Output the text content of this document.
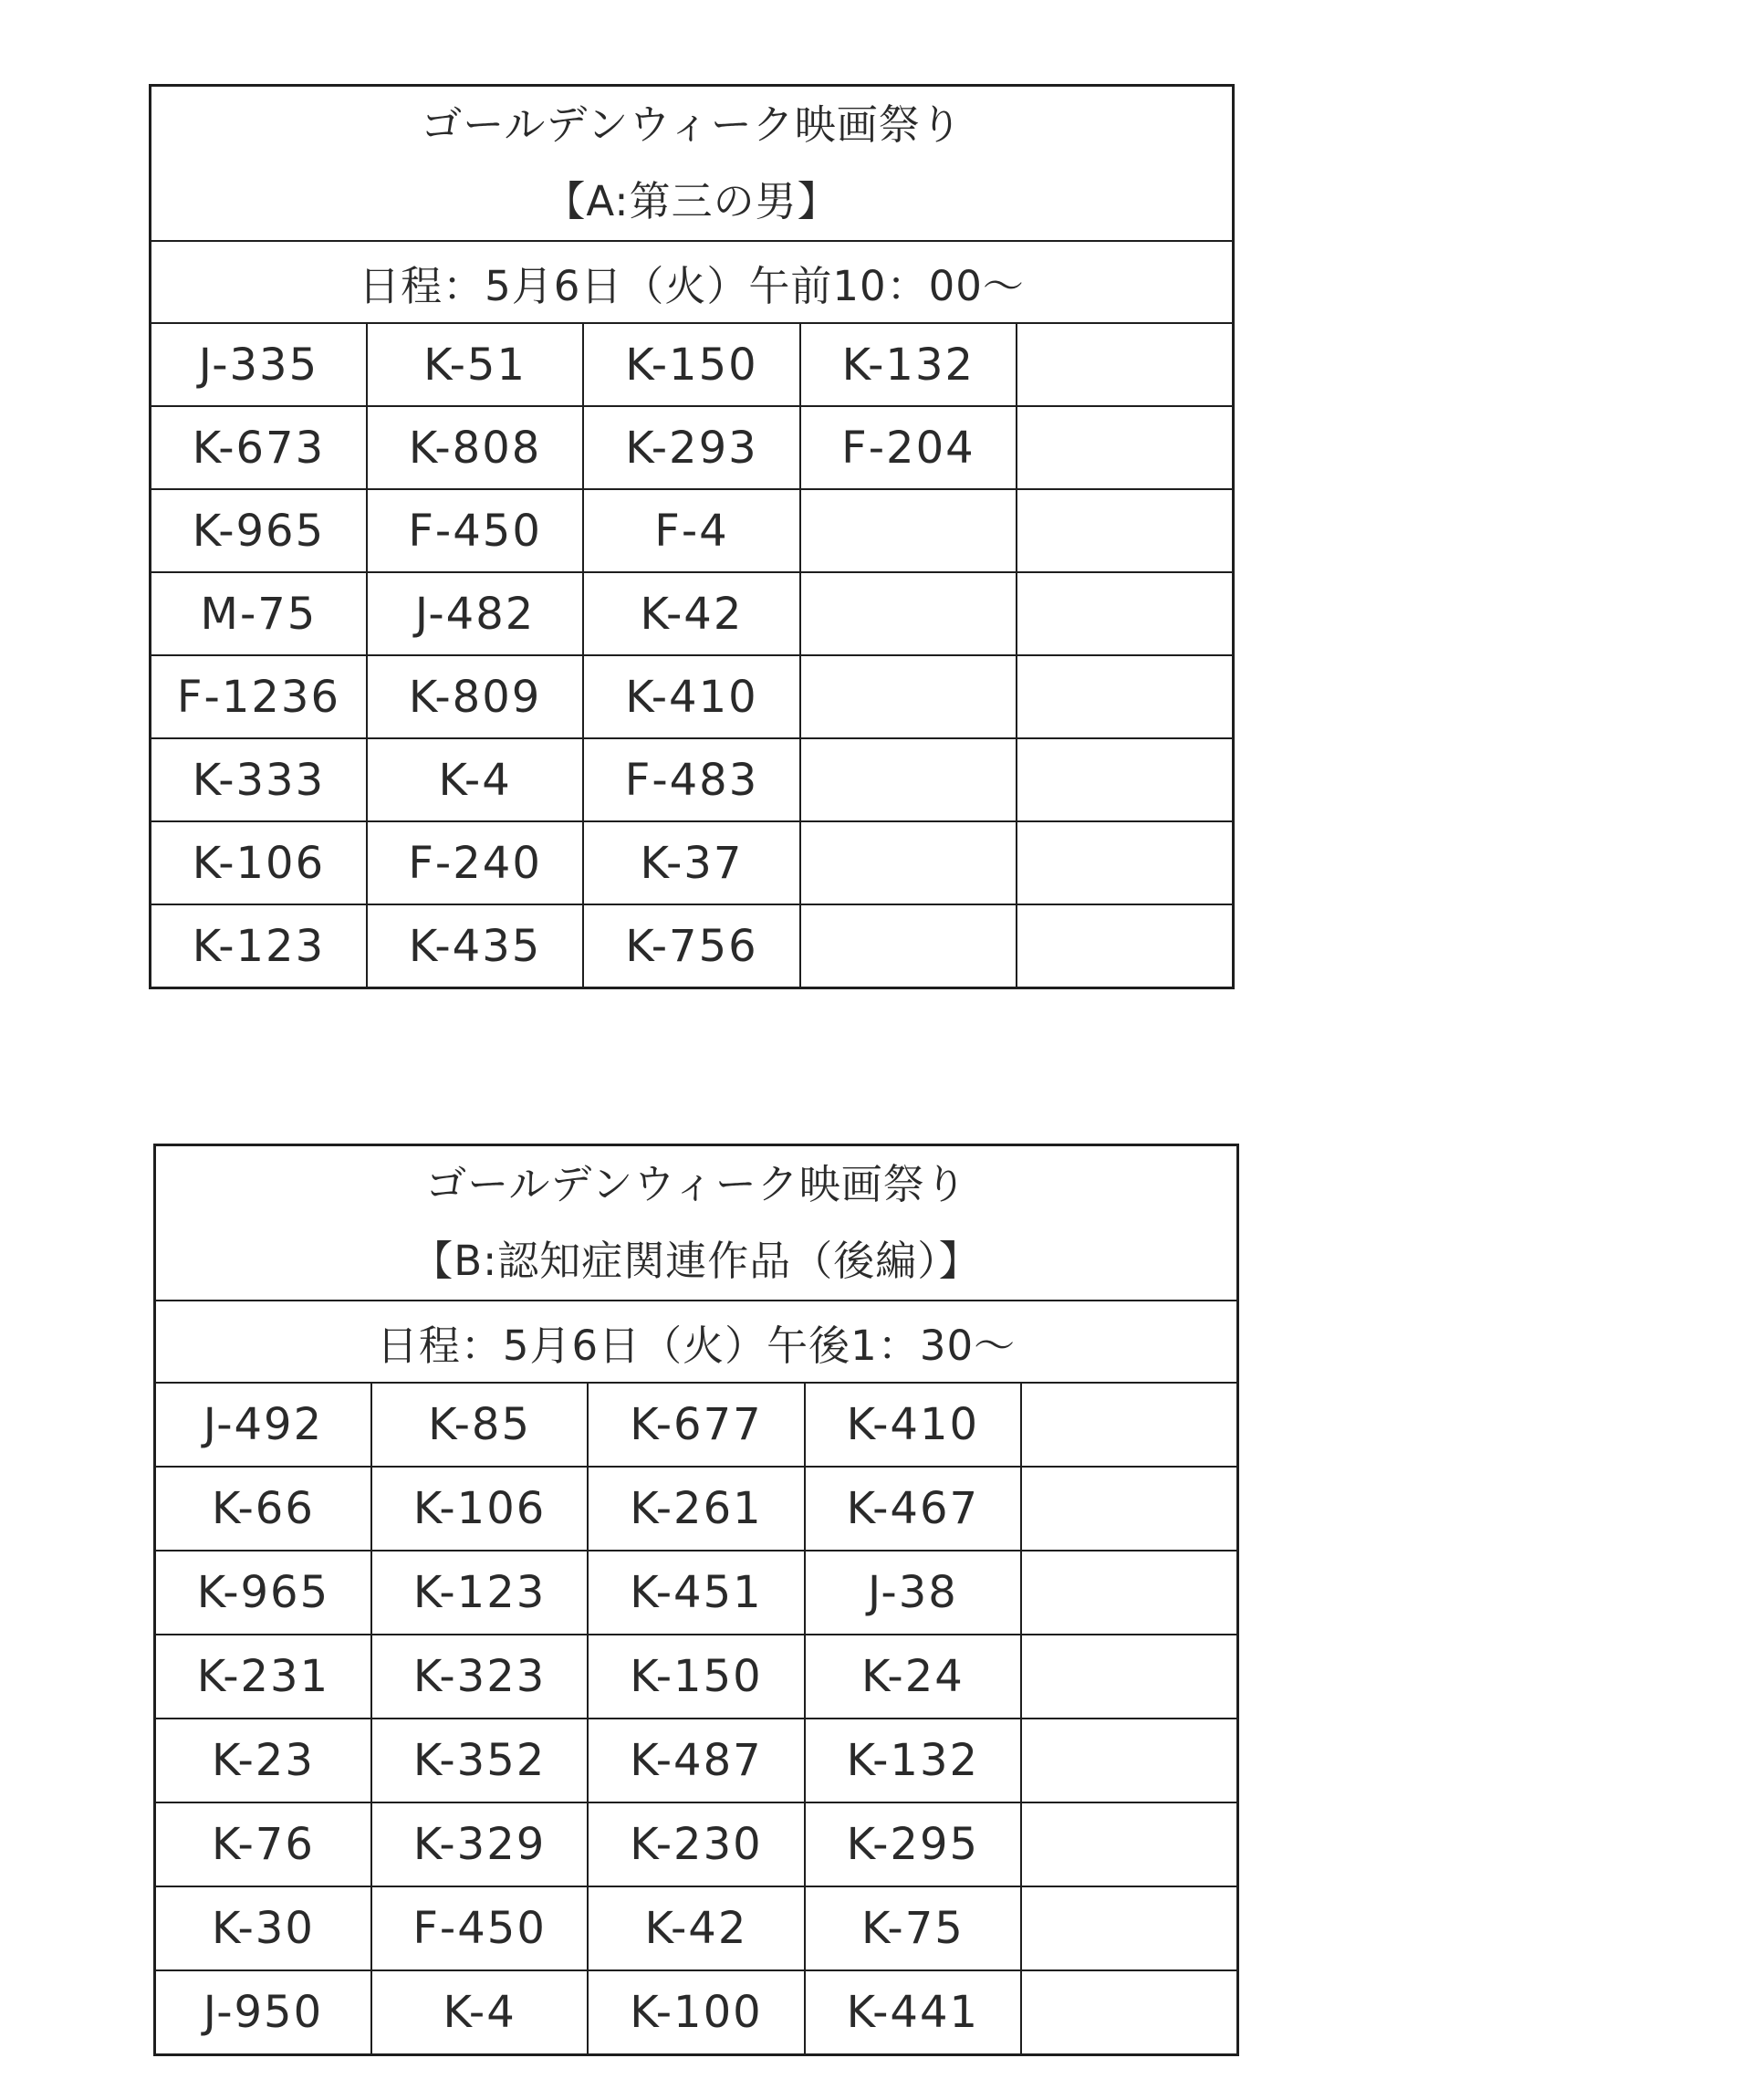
ゴールデンウィーク映画祭り
【A:第三の男】				

日程：5月6日（火）午前10：00～				
J-335	K-51	K-150	K-132	
K-673	K-808	K-293	F-204	
K-965	F-450	F-4		
M-75	J-482	K-42		
F-1236	K-809	K-410		
K-333	K-4	F-483		
K-106	F-240	K-37		
K-123	K-435	K-756		
ゴールデンウィーク映画祭り
【B:認知症関連作品（後編）】				

日程：5月6日（火）午後1：30～				
J-492	K-85	K-677	K-410	
K-66	K-106	K-261	K-467	
K-965	K-123	K-451	J-38	
K-231	K-323	K-150	K-24	
K-23	K-352	K-487	K-132	
K-76	K-329	K-230	K-295	
K-30	F-450	K-42	K-75	
J-950	K-4	K-100	K-441	
